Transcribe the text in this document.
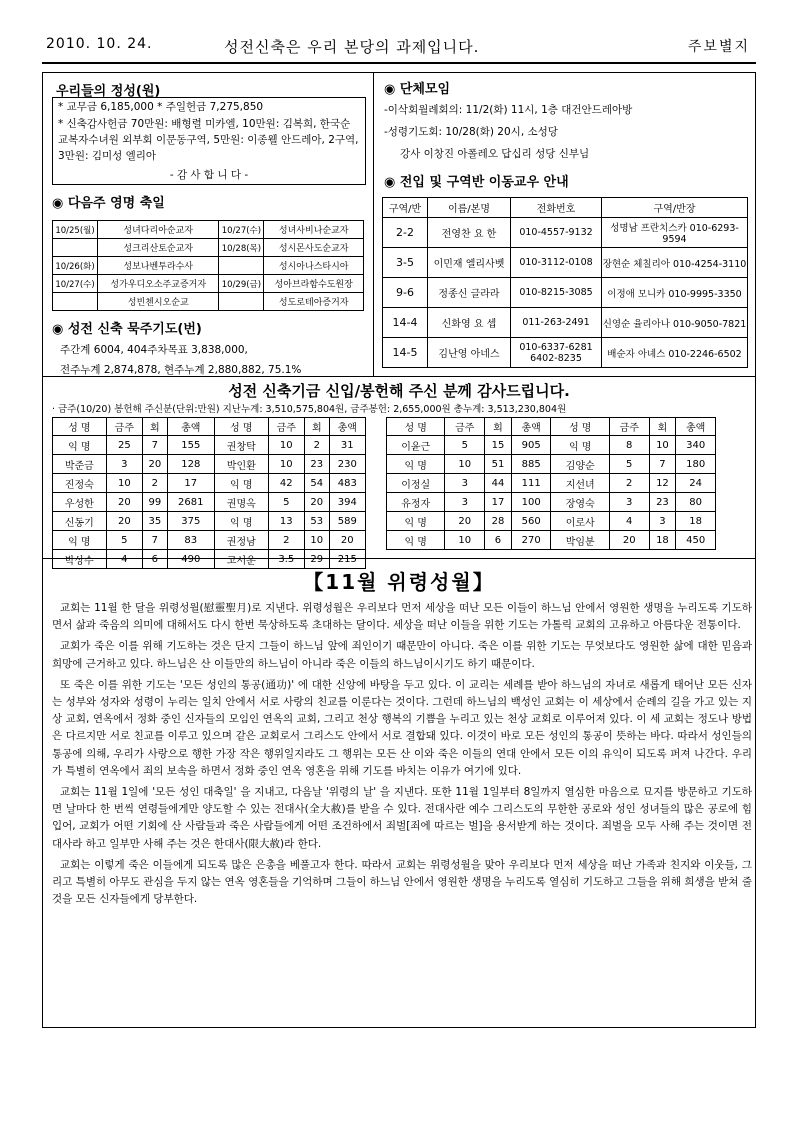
2010. 10. 24.	성전신축은 우리 본당의 과제입니다.	주보별지
우리들의 정성(원)
* 교무금 6,185,000 * 주일헌금 7,275,850
* 신축감사헌금 70만원: 배형렬 미카엘, 10만원: 김복희, 한국순교복자수녀원 외부회 이문동구역, 5만원: 이종웰 안드레아, 2구역, 3만원: 김미성 엘리아
- 감 사 합 니 다 -
◉ 다음주 영명 축일
10/25(월)	성녀다리아순교자	10/27(수)	성녀사비나순교자
	성크리산토순교자	10/28(목)	성시몬사도순교자
10/26(화)	성보나벤투라수사		성시아나스타시아
10/27(수)	성가우디오소주교증거자	10/29(금)	성아브라함수도원장
	성빈첸시오순교		성도로테아증거자
◉ 성전 신축 묵주기도(번)
주간계 6004, 404주차목표 3,838,000,
전주누계 2,874,878, 현주누계 2,880,882, 75.1%
◉ 단체모임
-이삭회월례회의: 11/2(화) 11시, 1층 대건안드레아방
-성령기도회: 10/28(화) 20시, 소성당
강사 이창진 아폴레오 답십리 성당 신부님
◉ 전입 및 구역반 이동교우 안내
구역/반	이름/본명	전화번호	구역/반장
2-2	전영찬 요 한	010-4557-9132	성명남 프란치스카 010-6293-9594
3-5	이민재 엘리사벳	010-3112-0108	장현순 체칠리아 010-4254-3110
9-6	정종신 글라라	010-8215-3085	이정애 모니카 010-9995-3350
14-4	신화영 요 셉	011-263-2491	신영순 율리아나 010-9050-7821
14-5	김난영 아네스	010-6337-6281 6402-8235	배순자 아녜스 010-2246-6502
성전 신축기금 신입/봉헌해 주신 분께 감사드립니다.
· 금주(10/20) 봉헌해 주신분(단위:만원) 지난누계: 3,510,575,804원, 금주봉헌: 2,655,000원 총누계: 3,513,230,804원
성 명	금주	회	총액	성 명	금주	회	총액
익 명	25	7	155	권창탁	10	2	31
박준금	3	20	128	박인환	10	23	230
진정숙	10	2	17	익 명	42	54	483
우성한	20	99	2681	권명옥	5	20	394
신동기	20	35	375	익 명	13	53	589
익 명	5	7	83	권정남	2	10	20
박상수	4	6	490	고서운	3.5	29	215
성 명	금주	회	총액	성 명	금주	회	총액
이윤근	5	15	905	익 명	8	10	340
익 명	10	51	885	김양순	5	7	180
이정실	3	44	111	지선녀	2	12	24
유정자	3	17	100	장영숙	3	23	80
익 명	20	28	560	이로사	4	3	18
익 명	10	6	270	박임분	20	18	450
【11월 위령성월】

교회는 11월 한 달을 위령성월(慰靈聖月)로 지낸다. 위령성월은 우리보다 먼저 세상을 떠난 모든 이들이 하느님 안에서 영원한 생명을 누리도록 기도하면서 삶과 죽음의 의미에 대해서도 다시 한번 묵상하도록 초대하는 달이다. 세상을 떠난 이들을 위한 기도는 가톨릭 교회의 고유하고 아름다운 전통이다.

교회가 죽은 이를 위해 기도하는 것은 단지 그들이 하느님 앞에 죄인이기 때문만이 아니다. 죽은 이를 위한 기도는 무엇보다도 영원한 삶에 대한 믿음과 희망에 근거하고 있다. 하느님은 산 이들만의 하느님이 아니라 죽은 이들의 하느님이시기도 하기 때문이다.

또 죽은 이를 위한 기도는 '모든 성인의 통공(通功)' 에 대한 신앙에 바탕을 두고 있다. 이 교리는 세례를 받아 하느님의 자녀로 새롭게 태어난 모든 신자는 성부와 성자와 성령이 누리는 일치 안에서 서로 사랑의 친교를 이룬다는 것이다. 그런데 하느님의 백성인 교회는 이 세상에서 순례의 길을 가고 있는 지상 교회, 연옥에서 정화 중인 신자들의 모임인 연옥의 교회, 그리고 천상 행복의 기쁨을 누리고 있는 천상 교회로 이루어져 있다. 이 세 교회는 정도나 방법은 다르지만 서로 친교를 이루고 있으며 같은 교회로서 그리스도 안에서 서로 결합돼 있다. 이것이 바로 모든 성인의 통공이 뜻하는 바다. 따라서 성인들의 통공에 의해, 우리가 사랑으로 행한 가장 작은 행위일지라도 그 행위는 모든 산 이와 죽은 이들의 연대 안에서 모든 이의 유익이 되도록 퍼져 나간다. 우리가 특별히 연옥에서 죄의 보속을 하면서 정화 중인 연옥 영혼을 위해 기도를 바치는 이유가 여기에 있다.

교회는 11월 1일에 '모든 성인 대축일' 을 지내고, 다음날 '위령의 날' 을 지낸다. 또한 11월 1일부터 8일까지 열심한 마음으로 묘지를 방문하고 기도하면 날마다 한 번씩 연령들에게만 양도할 수 있는 전대사(全大赦)를 받을 수 있다. 전대사란 예수 그리스도의 무한한 공로와 성인 성녀들의 많은 공로에 힘입어, 교회가 어떤 기회에 산 사람들과 죽은 사람들에게 어떤 조건하에서 죄벌[죄에 따르는 벌]을 용서받게 하는 것이다. 죄벌을 모두 사해 주는 것이면 전대사라 하고 일부만 사해 주는 것은 한대사(限大赦)라 한다.

교회는 이렇게 죽은 이들에게 되도록 많은 은총을 베풀고자 한다. 따라서 교회는 위령성월을 맞아 우리보다 먼저 세상을 떠난 가족과 친지와 이웃들, 그리고 특별히 아무도 관심을 두지 않는 연옥 영혼들을 기억하며 그들이 하느님 안에서 영원한 생명을 누리도록 열심히 기도하고 그들을 위해 희생을 받쳐 줄 것을 모든 신자들에게 당부한다.
